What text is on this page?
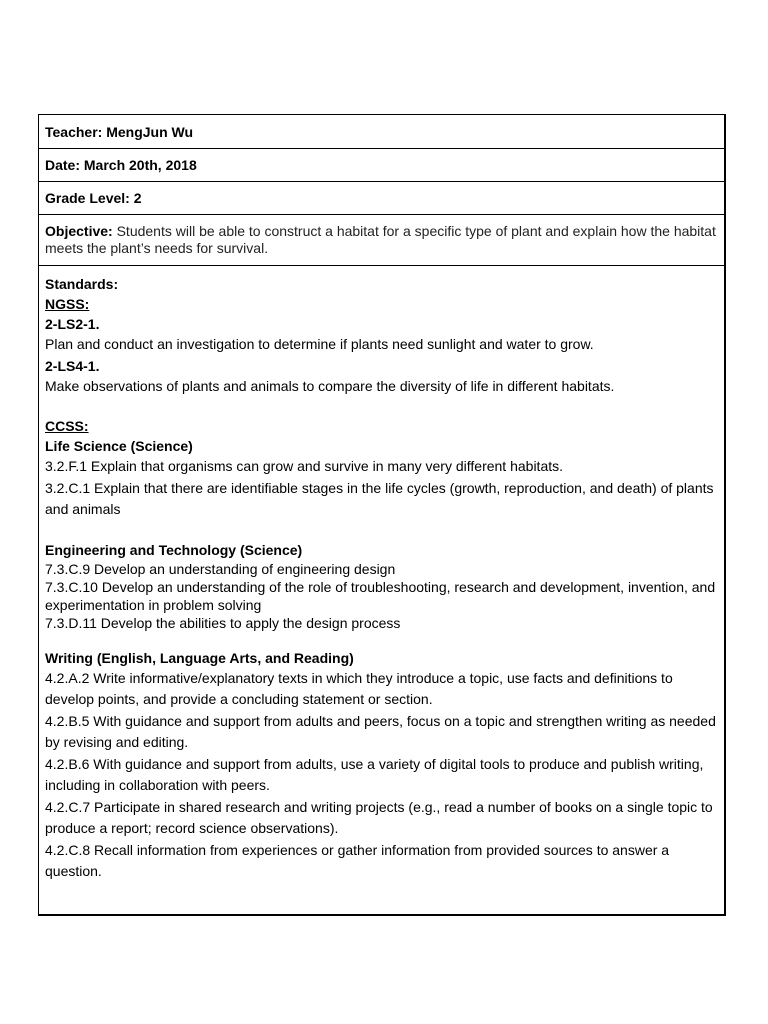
Teacher: MengJun Wu
Date: March 20th, 2018
Grade Level: 2
Objective: Students will be able to construct a habitat for a specific type of plant and explain how the habitat meets the plant’s needs for survival.
Standards:
NGSS:
2-LS2-1.
Plan and conduct an investigation to determine if plants need sunlight and water to grow.
2-LS4-1.
Make observations of plants and animals to compare the diversity of life in different habitats.
CCSS:
Life Science (Science)
3.2.F.1 Explain that organisms can grow and survive in many very different habitats.
3.2.C.1 Explain that there are identifiable stages in the life cycles (growth, reproduction, and death) of plants and animals
Engineering and Technology (Science)
7.3.C.9 Develop an understanding of engineering design
7.3.C.10 Develop an understanding of the role of troubleshooting, research and development, invention, and experimentation in problem solving
7.3.D.11 Develop the abilities to apply the design process
Writing (English, Language Arts, and Reading)
4.2.A.2 Write informative/explanatory texts in which they introduce a topic, use facts and definitions to develop points, and provide a concluding statement or section.
4.2.B.5 With guidance and support from adults and peers, focus on a topic and strengthen writing as needed by revising and editing.
4.2.B.6 With guidance and support from adults, use a variety of digital tools to produce and publish writing, including in collaboration with peers.
4.2.C.7 Participate in shared research and writing projects (e.g., read a number of books on a single topic to produce a report; record science observations).
4.2.C.8 Recall information from experiences or gather information from provided sources to answer a question.
